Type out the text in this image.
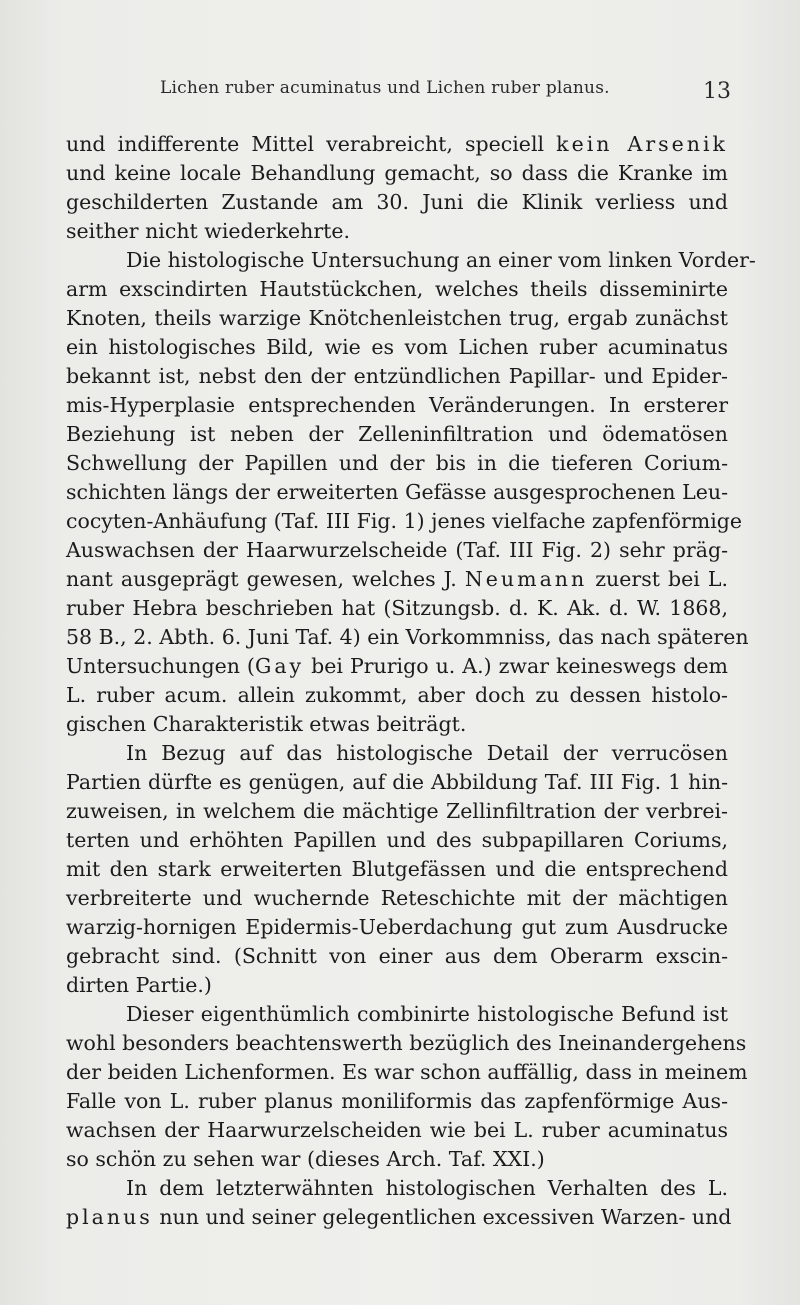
Lichen ruber acuminatus und Lichen ruber planus.	13
und indifferente Mittel verabreicht, speciell kein Arsenik
und keine locale Behandlung gemacht, so dass die Kranke im
geschilderten Zustande am 30. Juni die Klinik verliess und
seither nicht wiederkehrte.
Die histologische Untersuchung an einer vom linken Vorder-
arm exscindirten Hautstückchen, welches theils disseminirte
Knoten, theils warzige Knötchenleistchen trug, ergab zunächst
ein histologisches Bild, wie es vom Lichen ruber acuminatus
bekannt ist, nebst den der entzündlichen Papillar- und Epider-
mis-Hyperplasie entsprechenden Veränderungen. In ersterer
Beziehung ist neben der Zelleninfiltration und ödematösen
Schwellung der Papillen und der bis in die tieferen Corium-
schichten längs der erweiterten Gefässe ausgesprochenen Leu-
cocyten-Anhäufung (Taf. III Fig. 1) jenes vielfache zapfenförmige
Auswachsen der Haarwurzelscheide (Taf. III Fig. 2) sehr präg-
nant ausgeprägt gewesen, welches J. Neumann zuerst bei L.
ruber Hebra beschrieben hat (Sitzungsb. d. K. Ak. d. W. 1868,
58 B., 2. Abth. 6. Juni Taf. 4) ein Vorkommniss, das nach späteren
Untersuchungen (Gay bei Prurigo u. A.) zwar keineswegs dem
L. ruber acum. allein zukommt, aber doch zu dessen histolo-
gischen Charakteristik etwas beiträgt.
In Bezug auf das histologische Detail der verrucösen
Partien dürfte es genügen, auf die Abbildung Taf. III Fig. 1 hin-
zuweisen, in welchem die mächtige Zellinfiltration der verbrei-
terten und erhöhten Papillen und des subpapillaren Coriums,
mit den stark erweiterten Blutgefässen und die entsprechend
verbreiterte und wuchernde Reteschichte mit der mächtigen
warzig-hornigen Epidermis-Ueberdachung gut zum Ausdrucke
gebracht sind. (Schnitt von einer aus dem Oberarm exscin-
dirten Partie.)
Dieser eigenthümlich combinirte histologische Befund ist
wohl besonders beachtenswerth bezüglich des Ineinandergehens
der beiden Lichenformen. Es war schon auffällig, dass in meinem
Falle von L. ruber planus moniliformis das zapfenförmige Aus-
wachsen der Haarwurzelscheiden wie bei L. ruber acuminatus
so schön zu sehen war (dieses Arch. Taf. XXI.)
In dem letzterwähnten histologischen Verhalten des L.
planus nun und seiner gelegentlichen excessiven Warzen- und
